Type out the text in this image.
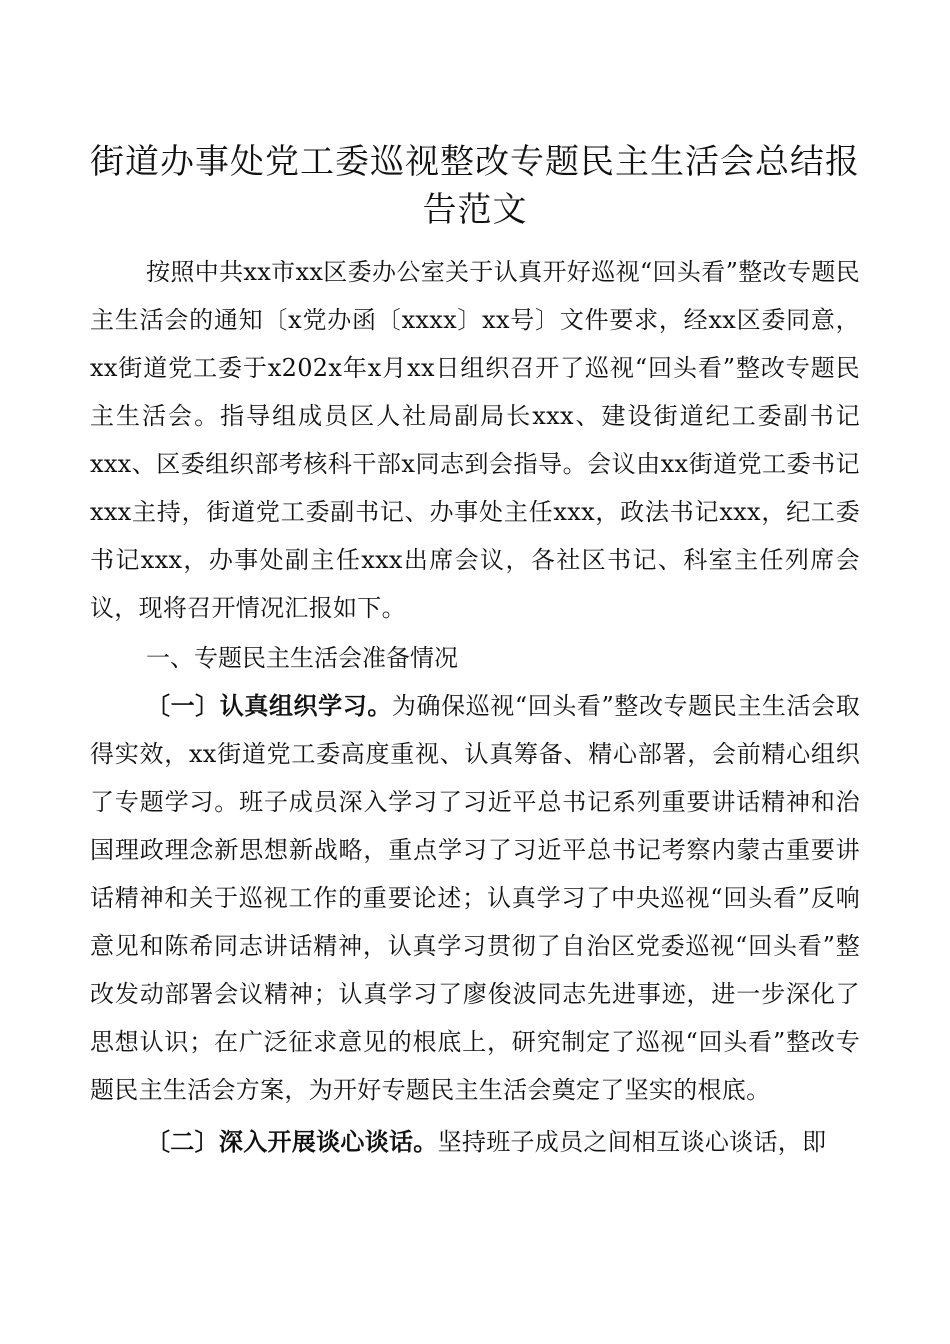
街道办事处党工委巡视整改专题民主生活会总结报告范文

按照中共xx市xx区委办公室关于认真开好巡视“回头看”整改专题民主生活会的通知〔x党办函〔xxxx〕xx号〕文件要求，经xx区委同意，xx街道党工委于x202x年x月xx日组织召开了巡视“回头看”整改专题民主生活会。指导组成员区人社局副局长xxx、建设街道纪工委副书记xxx、区委组织部考核科干部x同志到会指导。会议由xx街道党工委书记xxx主持，街道党工委副书记、办事处主任xxx，政法书记xxx，纪工委书记xxx，办事处副主任xxx出席会议，各社区书记、科室主任列席会议，现将召开情况汇报如下。

一、专题民主生活会准备情况

〔一〕认真组织学习。为确保巡视“回头看”整改专题民主生活会取得实效，xx街道党工委高度重视、认真筹备、精心部署，会前精心组织了专题学习。班子成员深入学习了习近平总书记系列重要讲话精神和治国理政理念新思想新战略，重点学习了习近平总书记考察内蒙古重要讲话精神和关于巡视工作的重要论述；认真学习了中央巡视“回头看”反响意见和陈希同志讲话精神，认真学习贯彻了自治区党委巡视“回头看”整改发动部署会议精神；认真学习了廖俊波同志先进事迹，进一步深化了思想认识；在广泛征求意见的根底上，研究制定了巡视“回头看”整改专题民主生活会方案，为开好专题民主生活会奠定了坚实的根底。

〔二〕深入开展谈心谈话。坚持班子成员之间相互谈心谈话，即
